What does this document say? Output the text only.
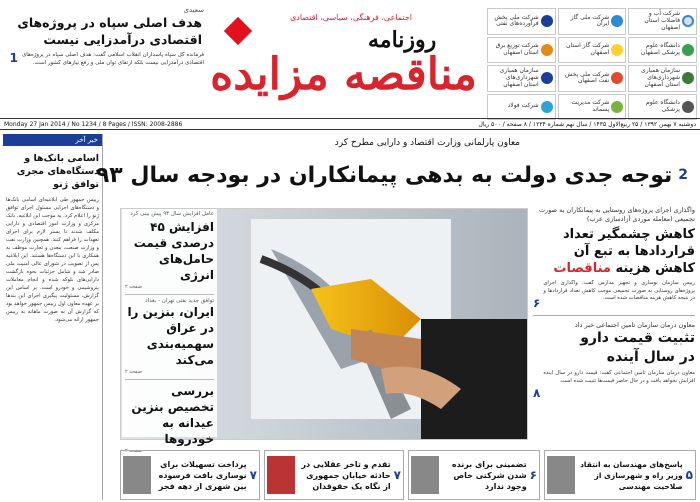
شرکت ملی پخش فرآورده‌های نفتی
شرکت ملی گاز ایران
شرکت آب و فاضلاب استان اصفهان
شرکت توزیع برق استان اصفهان
شرکت گاز استان اصفهان
دانشگاه علوم پزشکی اصفهان
سازمان همیاری شهرداری‌های استان اصفهان
شرکت ملی پخش نفت اصفهان
سازمان همیاری شهرداری‌های استان اصفهان
شرکت فولاد	شرکت مدیریت پسماند
دانشگاه علوم پزشکی
اجتماعی، فرهنگی، سیاسی، اقتصادی
روزنامه
مناقصه مزایده
سعیدی
هدف اصلی سپاه در پروژه‌های اقتصادی درآمدزایی نیست
فرمانده کل سپاه پاسداران انقلاب اسلامی گفت: هدف اصلی سپاه در پروژه‌های اقتصادی درآمدزایی نیست بلکه ارتقای توان ملی و رفع نیازهای کشور است.
1
Monday 27 Jan 2014 / No 1234 / 8 Pages / ISSN: 2008-2886	دوشنبه ۷ بهمن ۱۳۹۲ / ۲۵ ربیع‌الاول ۱۴۳۵ / سال نهم شماره ۱۲۳۴ / ۸ صفحه / ۵۰۰ ریال
خبر آخر
اسامی بانک‌ها و دستگاه‌های مجری توافق ژنو
رییس جمهور طی ابلاغیه‌ای اسامی بانک‌ها و دستگاه‌های اجرایی مسئول اجرای توافق ژنو را اعلام کرد. به موجب این ابلاغیه، بانک مرکزی و وزارت امور اقتصادی و دارایی مکلف شدند تا بستر لازم برای اجرای تعهدات را فراهم کنند. همچنین وزارت نفت و وزارت صنعت، معدن و تجارت موظف به همکاری با این دستگاه‌ها هستند. این ابلاغیه پس از تصویب در شورای عالی امنیت ملی صادر شد و شامل جزئیات نحوه بازگشت دارایی‌های بلوکه شده و انجام معاملات پتروشیمی و خودرو است. بر اساس این گزارش، مسئولیت پیگیری اجرای این بندها بر عهده معاون اول رییس جمهور خواهد بود که گزارش آن به صورت ماهانه به رییس جمهور ارائه می‌شود.
معاون پارلمانی وزارت اقتصاد و دارایی مطرح کرد
توجه جدی دولت به بدهی پیمانکاران در بودجه سال ۹۳ 2
عامل افزایش سال ۹۳ پیش بینی کرد
افزایش ۴۵ درصدی قیمت حامل‌های انرژی
صفحه ۲
توافق جدید نفتی تهران - بغداد
ایران، بنزین را در عراق سهمیه‌بندی می‌کند
صفحه ۲
بررسی تخصیص بنزین عیدانه به خودروها
صفحه ۲
واگذاری اجرای پروژه‌های روستایی به پیمانکاران به صورت تجمیعی (معامله موردی آزاد‌سازی عرب)
کاهش چشمگیر تعداد قراردادها به تبع آن کاهش هزینه مناقصات
رییس سازمان نوسازی و تجهیز مدارس گفت: واگذاری اجرای پروژه‌های روستایی به صورت تجمیعی موجب کاهش تعداد قراردادها و در نتیجه کاهش هزینه مناقصات شده است.
۶
معاون درمان سازمان تامین اجتماعی خبر داد
تثبیت قیمت دارو
در سال آینده
معاون درمان سازمان تامین اجتماعی گفت: قیمت دارو در سال آینده افزایش نخواهد یافت و در حال حاضر قیمت‌ها تثبیت شده است.
۸
پرداخت تسهیلات برای نوسازی بافت فرسوده بین شهری از دهه فجر
۷
تقدم و تاخر عقلایی در حادثه خیابان جمهوری از نگاه یک حقوقدان
۷
تضمینی برای برنده شدن شرکتی خاص وجود ندارد
۶
پاسخ‌های مهندسان به انتقاد وزیر راه و شهرسازی از صلاحیت مهندسی
۵
